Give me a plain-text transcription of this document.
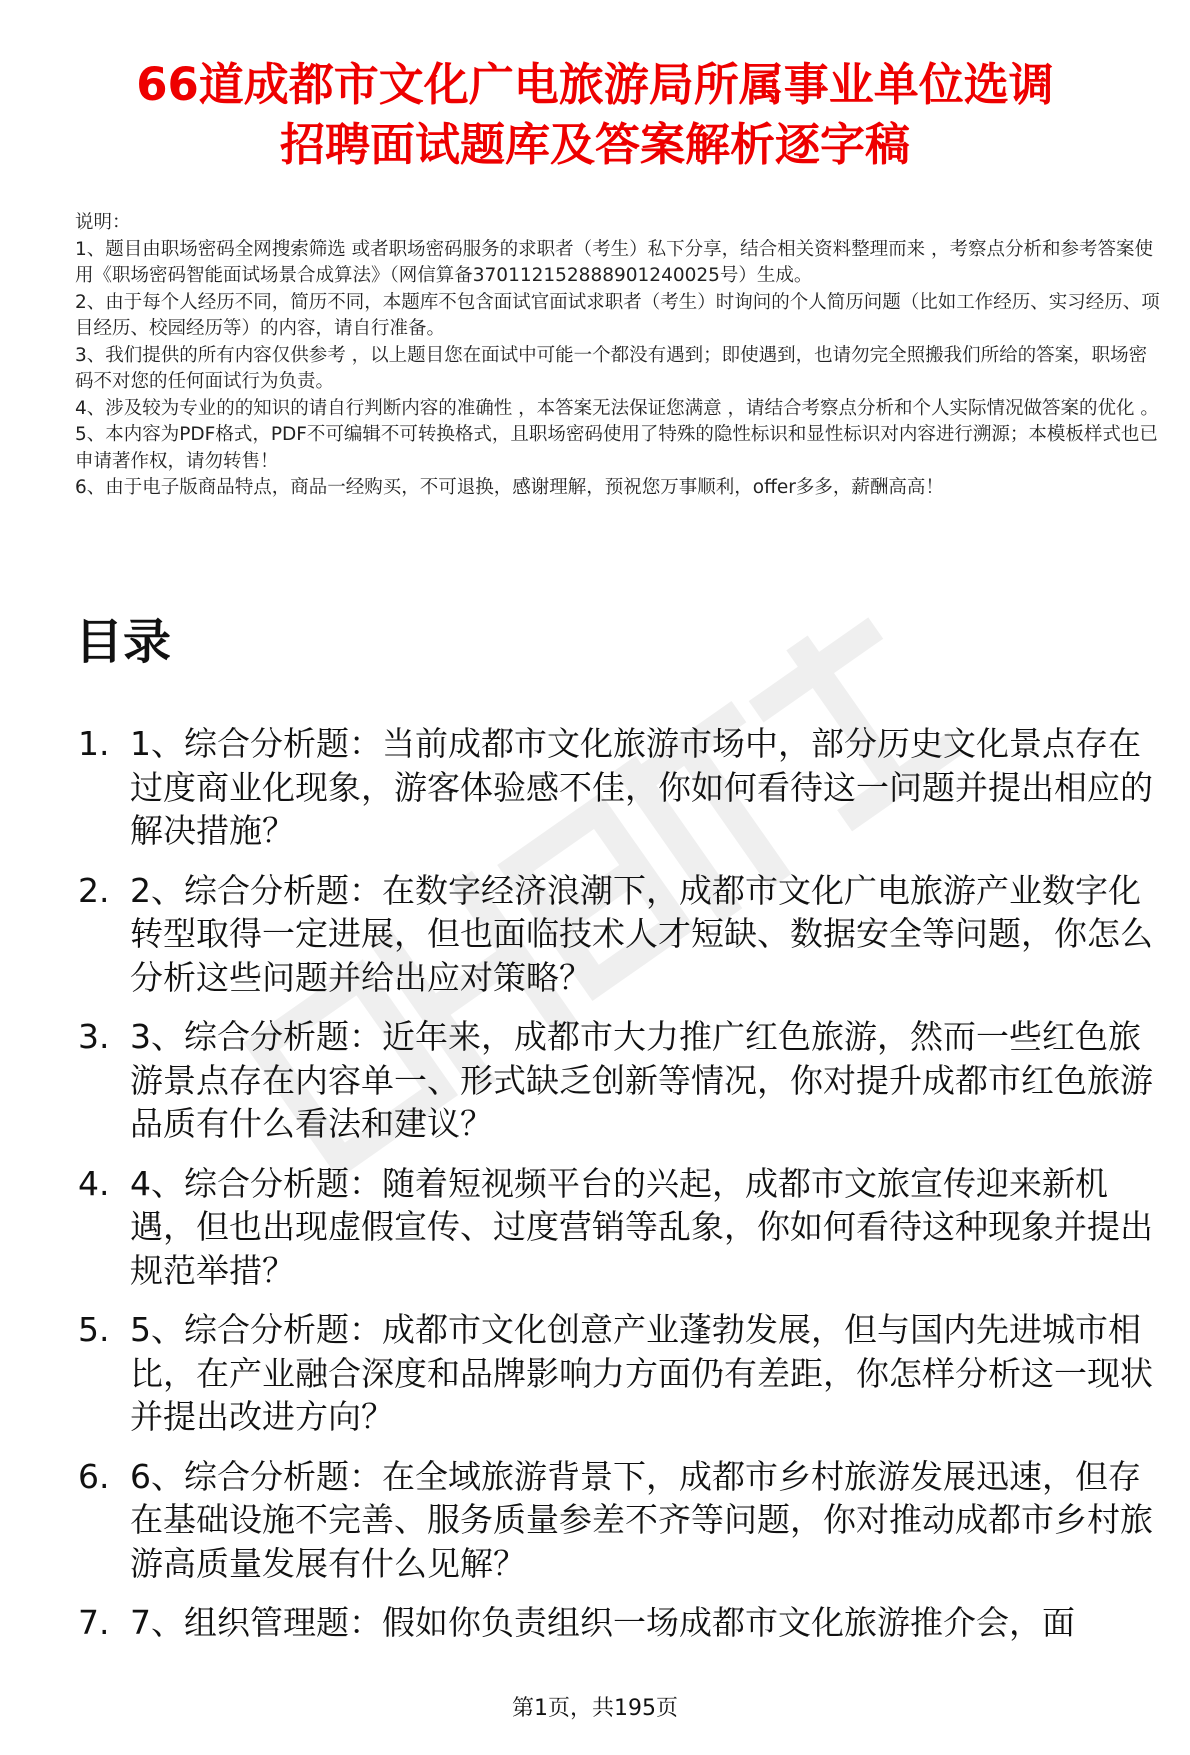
66道成都市文化广电旅游局所属事业单位选调
招聘面试题库及答案解析逐字稿

说明：

1、题目由职场密码全网搜索筛选 或者职场密码服务的求职者（考生）私下分享，结合相关资料整理而来 ，考察点分析和参考答案使用《职场密码智能面试场景合成算法》（网信算备370112152888901240025号）生成。

2、由于每个人经历不同，简历不同，本题库不包含面试官面试求职者（考生）时询问的个人简历问题（比如工作经历、实习经历、项目经历、校园经历等）的内容，请自行准备。

3、我们提供的所有内容仅供参考 ，以上题目您在面试中可能一个都没有遇到；即使遇到，也请勿完全照搬我们所给的答案，职场密码不对您的任何面试行为负责。

4、涉及较为专业的的知识的请自行判断内容的准确性 ，本答案无法保证您满意 ，请结合考察点分析和个人实际情况做答案的优化 。

5、本内容为PDF格式，PDF不可编辑不可转换格式，且职场密码使用了特殊的隐性标识和显性标识对内容进行溯源；本模板样式也已申请著作权，请勿转售！

6、由于电子版商品特点，商品一经购买，不可退换，感谢理解，预祝您万事顺利，offer多多，薪酬高高！

目录
1. 1、综合分析题：当前成都市文化旅游市场中，部分历史文化景点存在过度商业化现象，游客体验感不佳，你如何看待这一问题并提出相应的解决措施？
2. 2、综合分析题：在数字经济浪潮下，成都市文化广电旅游产业数字化转型取得一定进展，但也面临技术人才短缺、数据安全等问题，你怎么分析这些问题并给出应对策略？
3. 3、综合分析题：近年来，成都市大力推广红色旅游，然而一些红色旅游景点存在内容单一、形式缺乏创新等情况，你对提升成都市红色旅游品质有什么看法和建议？
4. 4、综合分析题：随着短视频平台的兴起，成都市文旅宣传迎来新机遇，但也出现虚假宣传、过度营销等乱象，你如何看待这种现象并提出规范举措？
5. 5、综合分析题：成都市文化创意产业蓬勃发展，但与国内先进城市相比，在产业融合深度和品牌影响力方面仍有差距，你怎样分析这一现状并提出改进方向？
6. 6、综合分析题：在全域旅游背景下，成都市乡村旅游发展迅速，但存在基础设施不完善、服务质量参差不齐等问题，你对推动成都市乡村旅游高质量发展有什么见解？
7. 7、组织管理题：假如你负责组织一场成都市文化旅游推介会，面
第1页，共195页
